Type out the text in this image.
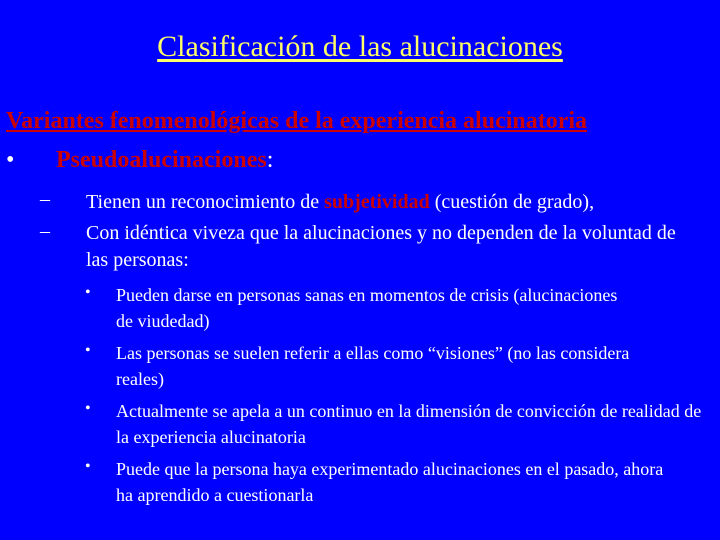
Clasificación de las alucinaciones
Variantes fenomenológicas de la experiencia alucinatoria
• Pseudoalucinaciones:
– Tienen un reconocimiento de subjetividad (cuestión de grado),
– Con idéntica viveza que la alucinaciones y no dependen de la voluntad de las personas:
• Pueden darse en personas sanas en momentos de crisis (alucinaciones de viudedad)
• Las personas se suelen referir a ellas como “visiones” (no las considera reales)
• Actualmente se apela a un continuo en la dimensión de convicción de realidad de la experiencia alucinatoria
• Puede que la persona haya experimentado alucinaciones en el pasado, ahora ha aprendido a cuestionarla
